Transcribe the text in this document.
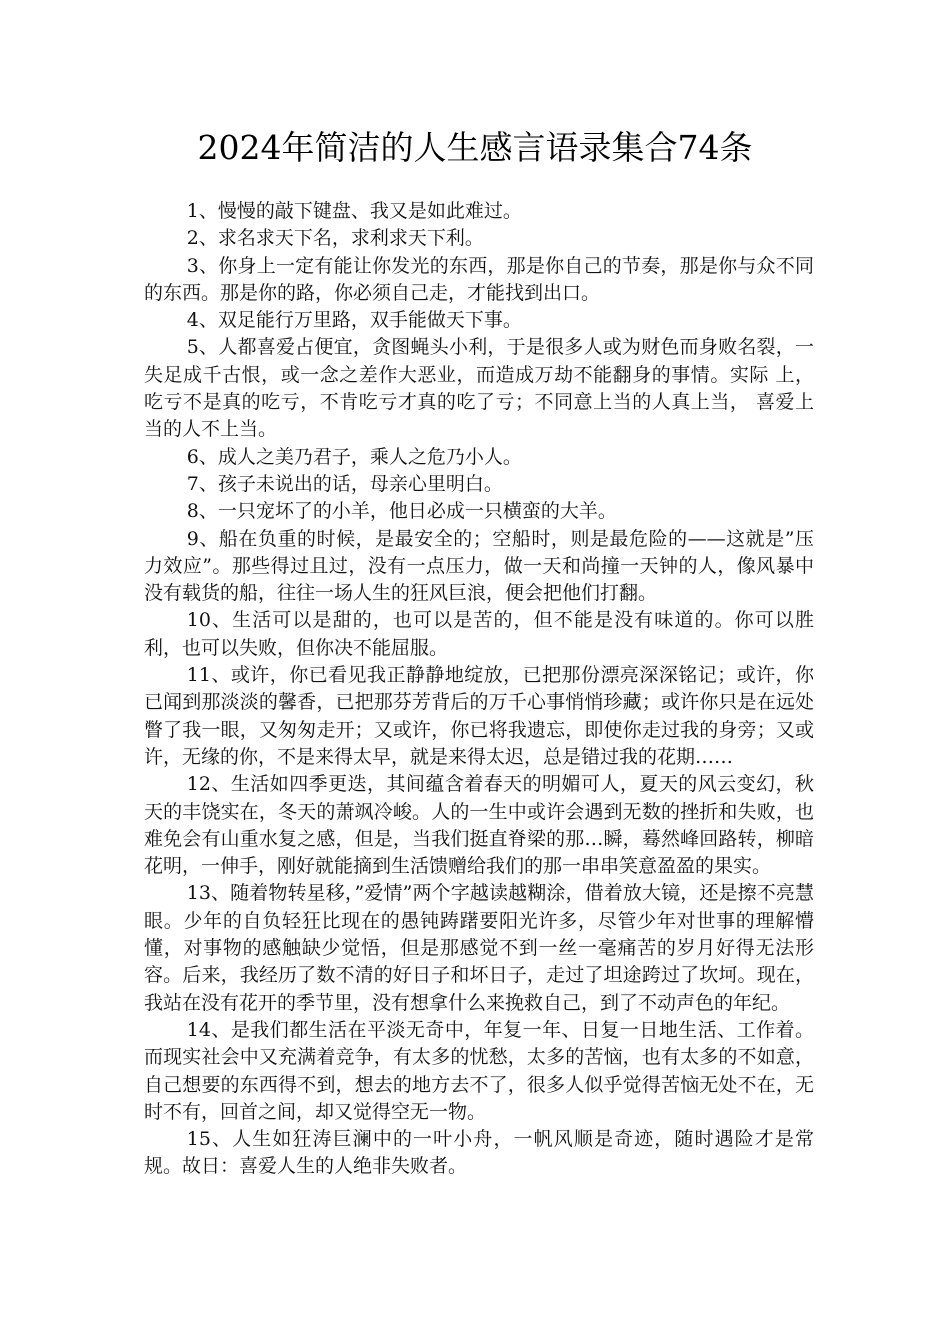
2024年简洁的人生感言语录集合74条

1、慢慢的敲下键盘、我又是如此难过。

2、求名求天下名，求利求天下利。

3、你身上一定有能让你发光的东西，那是你自己的节奏，那是你与众不同的东西。那是你的路，你必须自己走，才能找到出口。

4、双足能行万里路，双手能做天下事。

5、人都喜爱占便宜，贪图蝇头小利，于是很多人或为财色而身败名裂，一 失足成千古恨，或一念之差作大恶业，而造成万劫不能翻身的事情。实际 上，吃亏不是真的吃亏，不肯吃亏才真的吃了亏；不同意上当的人真上当， 喜爱上当的人不上当。

6、成人之美乃君子，乘人之危乃小人。

7、孩子未说出的话，母亲心里明白。

8、一只宠坏了的小羊，他日必成一只横蛮的大羊。

9、船在负重的时候，是最安全的；空船时，则是最危险的——这就是”压力效应”。那些得过且过，没有一点压力，做一天和尚撞一天钟的人，像风暴中没有载货的船，往往一场人生的狂风巨浪，便会把他们打翻。

10、生活可以是甜的，也可以是苦的，但不能是没有味道的。你可以胜利，也可以失败，但你决不能屈服。

11、或许，你已看见我正静静地绽放，已把那份漂亮深深铭记；或许，你已闻到那淡淡的馨香，已把那芬芳背后的万千心事悄悄珍藏；或许你只是在远处瞥了我一眼，又匆匆走开；又或许，你已将我遗忘，即使你走过我的身旁；又或许，无缘的你，不是来得太早，就是来得太迟，总是错过我的花期……

12、生活如四季更迭，其间蕴含着春天的明媚可人，夏天的风云变幻，秋天的丰饶实在，冬天的萧飒冷峻。人的一生中或许会遇到无数的挫折和失败，也难免会有山重水复之感，但是，当我们挺直脊梁的那…瞬，蓦然峰回路转，柳暗花明，一伸手，刚好就能摘到生活馈赠给我们的那一串串笑意盈盈的果实。

13、随着物转星移，”爱情”两个字越读越糊涂，借着放大镜，还是擦不亮慧眼。少年的自负轻狂比现在的愚钝踌躇要阳光许多，尽管少年对世事的理解懵懂，对事物的感触缺少觉悟，但是那感觉不到一丝一毫痛苦的岁月好得无法形容。后来，我经历了数不清的好日子和坏日子，走过了坦途跨过了坎坷。现在，我站在没有花开的季节里，没有想拿什么来挽救自己，到了不动声色的年纪。

14、是我们都生活在平淡无奇中，年复一年、日复一日地生活、工作着。而现实社会中又充满着竞争，有太多的忧愁，太多的苦恼，也有太多的不如意，自己想要的东西得不到，想去的地方去不了，很多人似乎觉得苦恼无处不在，无时不有，回首之间，却又觉得空无一物。

15、人生如狂涛巨澜中的一叶小舟，一帆风顺是奇迹，随时遇险才是常规。故日：喜爱人生的人绝非失败者。
